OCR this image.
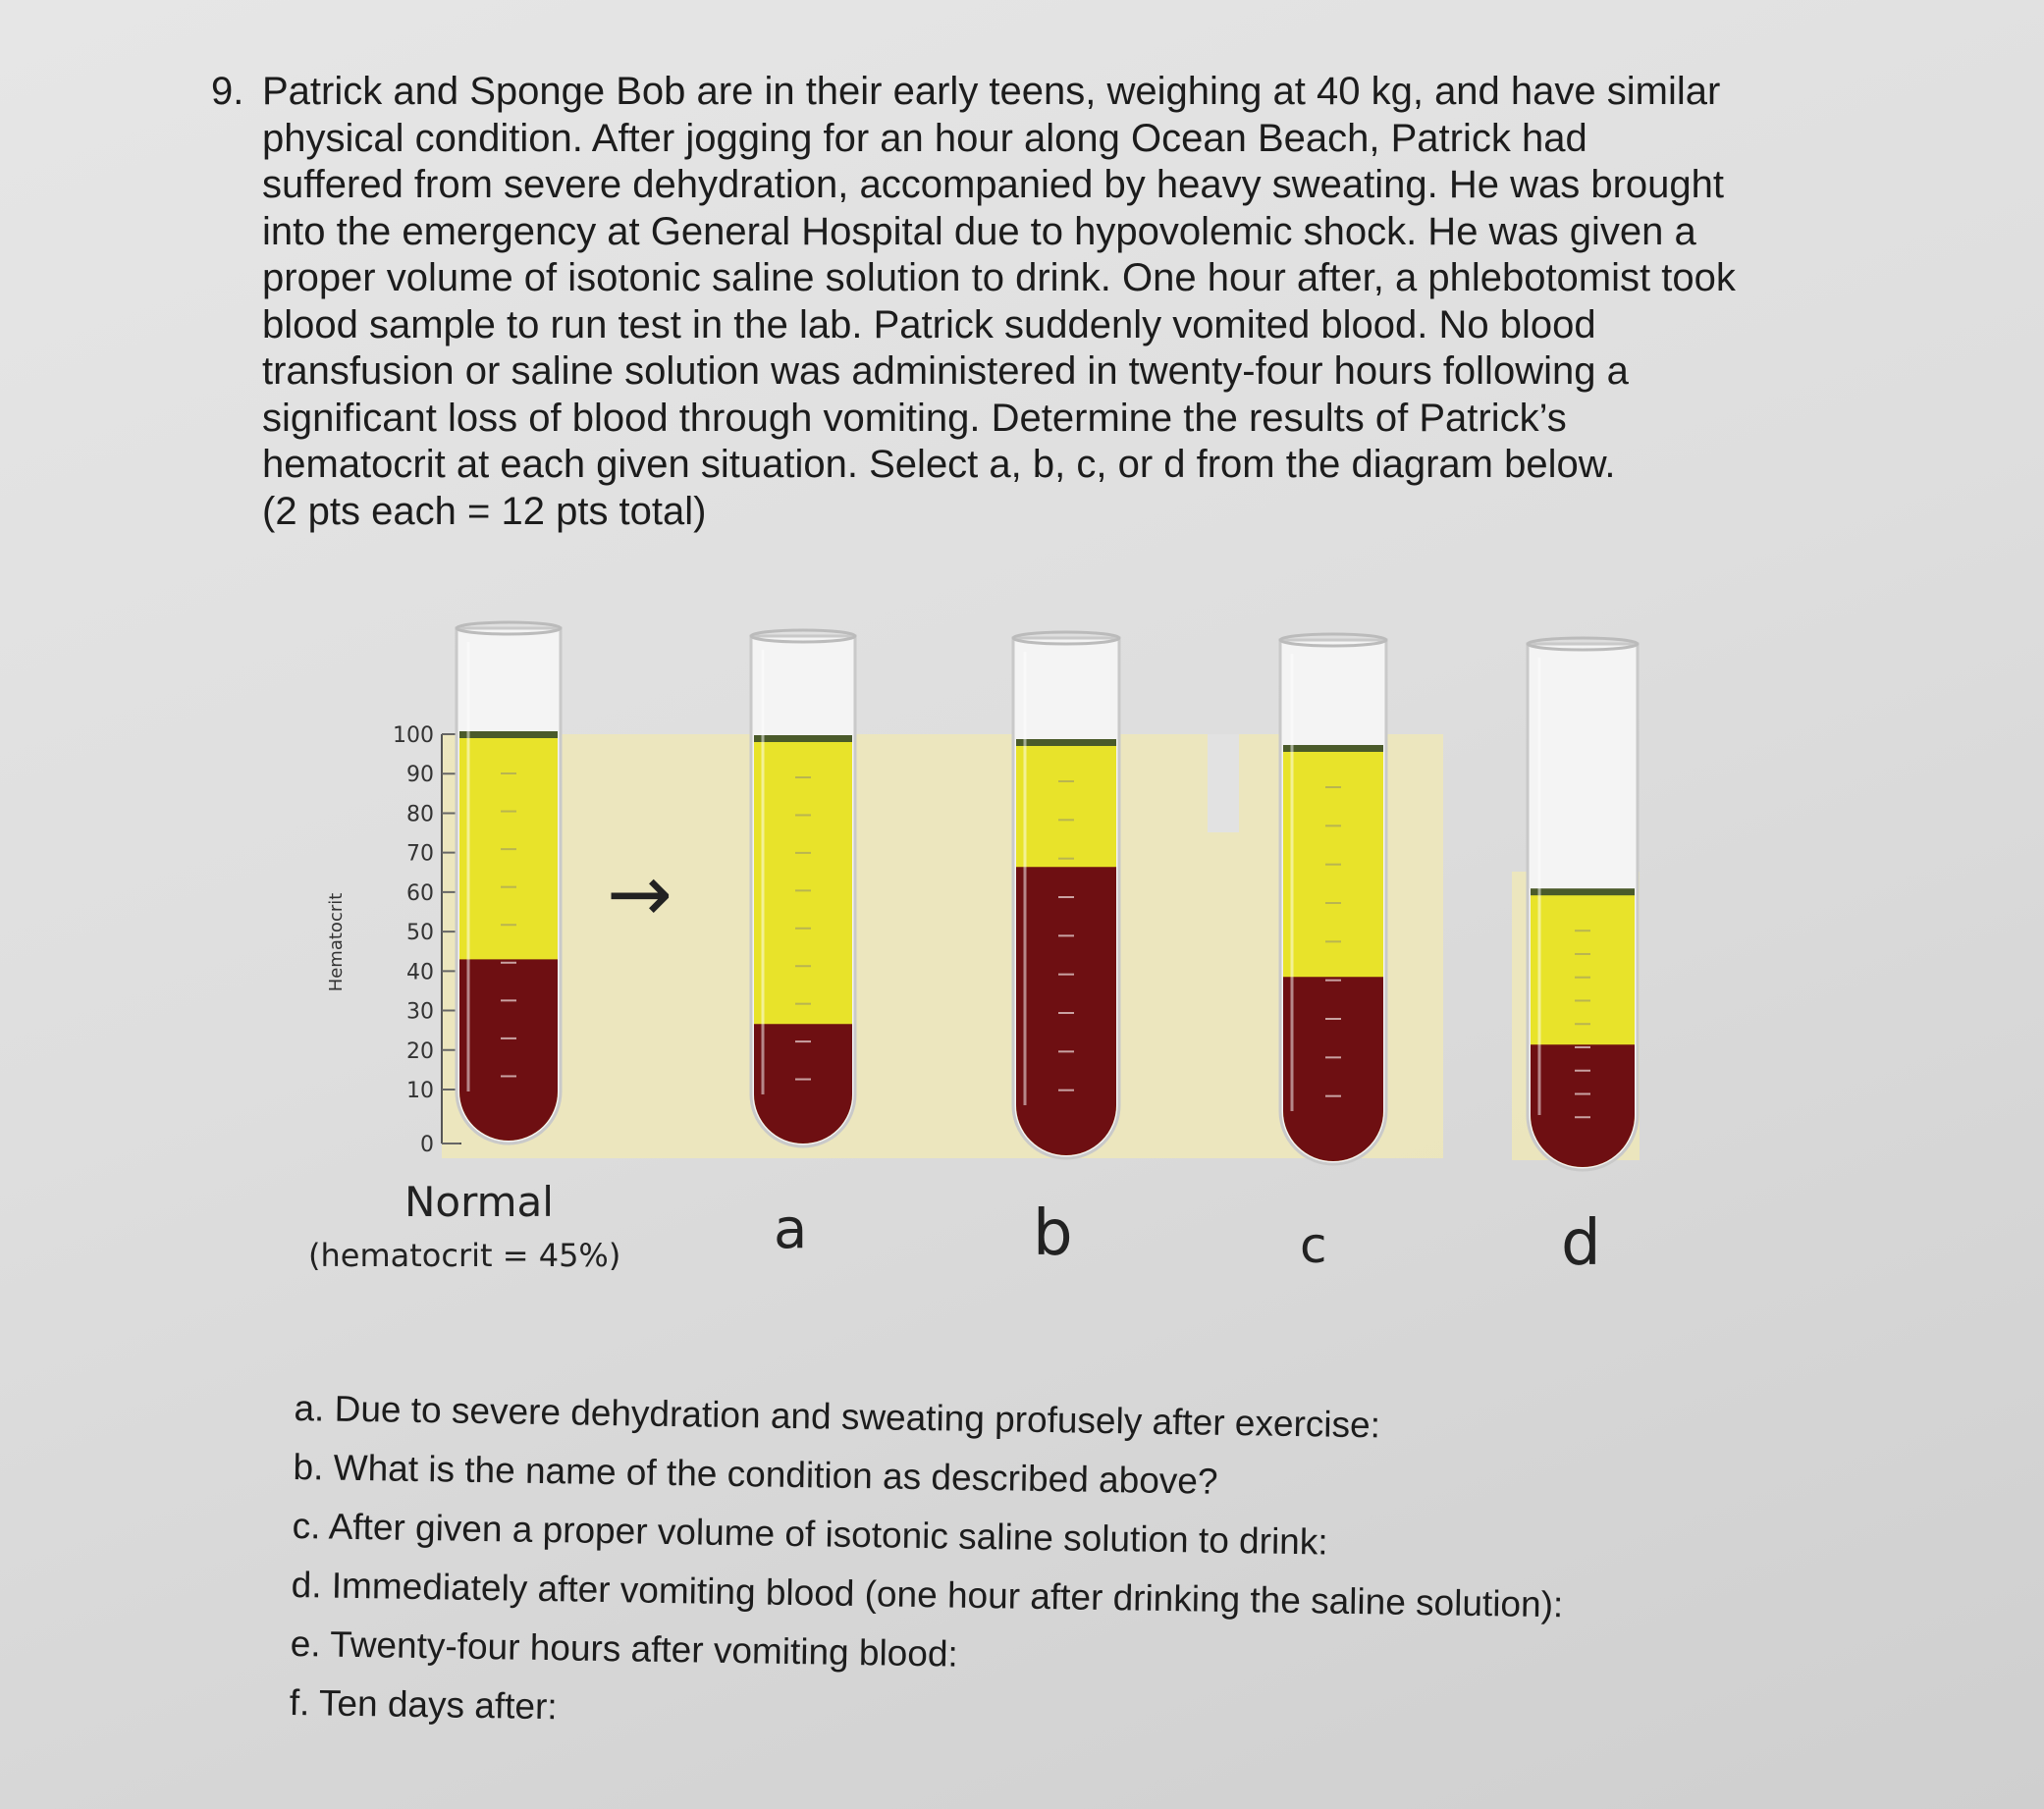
9. Patrick and Sponge Bob are in their early teens, weighing at 40 kg, and have similar
physical condition. After jogging for an hour along Ocean Beach, Patrick had
suffered from severe dehydration, accompanied by heavy sweating. He was brought
into the emergency at General Hospital due to hypovolemic shock. He was given a
proper volume of isotonic saline solution to drink. One hour after, a phlebotomist took
blood sample to run test in the lab. Patrick suddenly vomited blood. No blood
transfusion or saline solution was administered in twenty-four hours following a
significant loss of blood through vomiting. Determine the results of Patrick’s
hematocrit at each given situation. Select a, b, c, or d from the diagram below.
(2 pts each = 12 pts total)
100
90
80
70
60
50
40
30
20
10
0
Hematocrit	→
Normal
(hematocrit = 45%)	a	b	c	d
a. Due to severe dehydration and sweating profusely after exercise:
b. What is the name of the condition as described above?
c. After given a proper volume of isotonic saline solution to drink:
d. Immediately after vomiting blood (one hour after drinking the saline solution):
e. Twenty-four hours after vomiting blood:
f. Ten days after:
